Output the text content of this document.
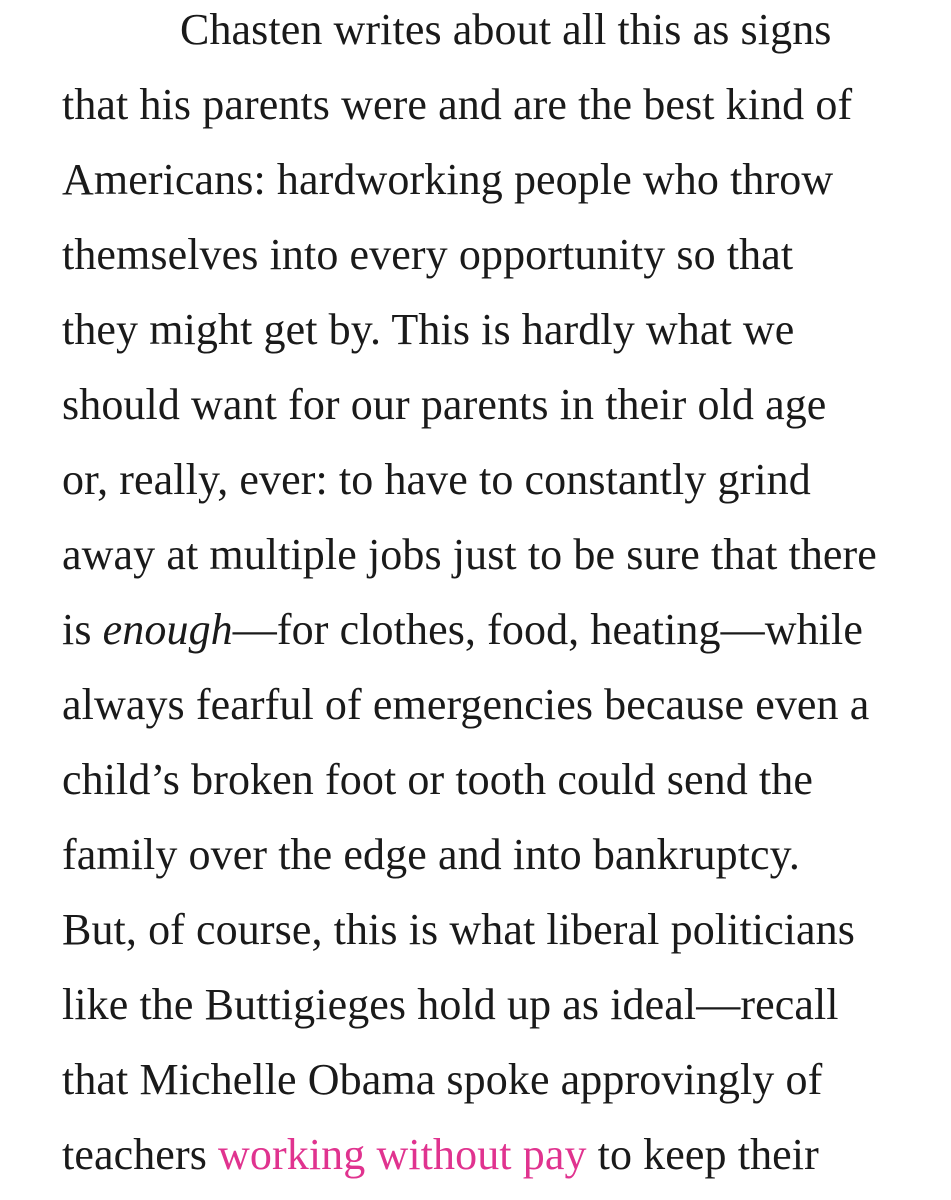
Chasten writes about all this as signs
that his parents were and are the best kind of
Americans: hardworking people who throw
themselves into every opportunity so that
they might get by. This is hardly what we
should want for our parents in their old age
or, really, ever: to have to constantly grind
away at multiple jobs just to be sure that there
is enough—for clothes, food, heating—while
always fearful of emergencies because even a
child’s broken foot or tooth could send the
family over the edge and into bankruptcy.
But, of course, this is what liberal politicians
like the Buttigieges hold up as ideal—recall
that Michelle Obama spoke approvingly of
teachers working without pay to keep their
